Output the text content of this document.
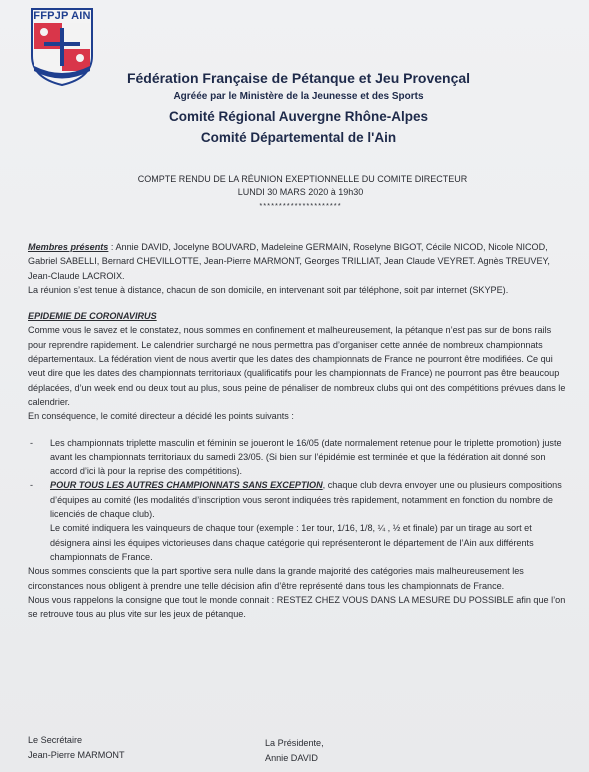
FFPJP AIN
Fédération Française de Pétanque et Jeu Provençal
Agréée par le Ministère de la Jeunesse et des Sports
Comité Régional Auvergne Rhône-Alpes
Comité Départemental de l'Ain
COMPTE RENDU DE LA RÉUNION EXEPTIONNELLE DU COMITE DIRECTEUR
LUNDI 30 MARS 2020 à 19h30
*********************

Membres présents : Annie DAVID, Jocelyne BOUVARD, Madeleine GERMAIN, Roselyne BIGOT, Cécile NICOD, Nicole NICOD, Gabriel SABELLI, Bernard CHEVILLOTTE, Jean-Pierre MARMONT, Georges TRILLIAT, Jean Claude VEYRET. Agnès TREUVEY, Jean-Claude LACROIX.

La réunion s’est tenue à distance, chacun de son domicile, en intervenant soit par téléphone, soit par internet (SKYPE).

EPIDEMIE DE CORONAVIRUS

Comme vous le savez et le constatez, nous sommes en confinement et malheureusement, la pétanque n’est pas sur de bons rails pour reprendre rapidement. Le calendrier surchargé ne nous permettra pas d’organiser cette année de nombreux championnats départementaux. La fédération vient de nous avertir que les dates des championnats de France ne pourront être modifiées. Ce qui veut dire que les dates des championnats territoriaux (qualificatifs pour les championnats de France) ne pourront pas être beaucoup déplacées, d’un week end ou deux tout au plus, sous peine de pénaliser de nombreux clubs qui ont des compétitions prévues dans le calendrier.

En conséquence, le comité directeur a décidé les points suivants :

- Les championnats triplette masculin et féminin se joueront le 16/05 (date normalement retenue pour le triplette promotion) juste avant les championnats territoriaux du samedi 23/05. (Si bien sur l’épidémie est terminée et que la fédération ait donné son accord d’ici là pour la reprise des compétitions).
- POUR TOUS LES AUTRES CHAMPIONNATS SANS EXCEPTION, chaque club devra envoyer une ou plusieurs compositions d’équipes au comité (les modalités d’inscription vous seront indiquées très rapidement, notamment en fonction du nombre de licenciés de chaque club).
Le comité indiquera les vainqueurs de chaque tour (exemple : 1er tour, 1/16, 1/8, ¼ , ½ et finale) par un tirage au sort et désignera ainsi les équipes victorieuses dans chaque catégorie qui représenteront le département de l’Ain aux différents championnats de France.

Nous sommes conscients que la part sportive sera nulle dans la grande majorité des catégories mais malheureusement les circonstances nous obligent à prendre une telle décision afin d’être représenté dans tous les championnats de France.

Nous vous rappelons la consigne que tout le monde connait : RESTEZ CHEZ VOUS DANS LA MESURE DU POSSIBLE afin que l’on se retrouve tous au plus vite sur les jeux de pétanque.

Le Secrétaire
Jean-Pierre MARMONT
La Présidente,
Annie DAVID
